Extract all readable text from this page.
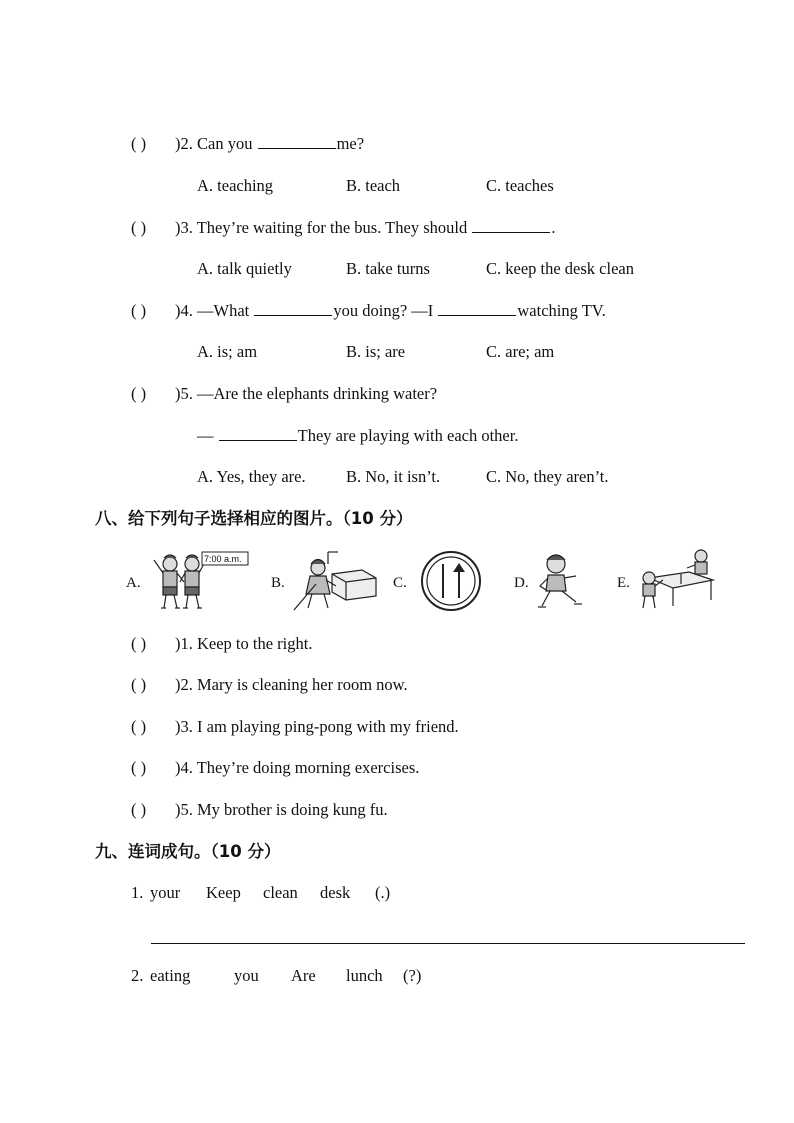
( ) )2. Can you	me?
A. teaching	B. teach	C. teaches
( ) )3. They’re waiting for the bus. They should	.
A. talk quietly	B. take turns	C. keep the desk clean
( ) )4. —What	you doing? —I	watching TV.
A. is; am	B. is; are	C. are; am
( ) )5. —Are the elephants drinking water?
—	They are playing with each other.
A. Yes, they are. B. No, it isn’t.	C. No, they aren’t.
八、给下列句子选择相应的图片。（10 分）
A.
7:00 a.m.
B.	C.	D.	E.
( ) )1. Keep to the right.
( ) )2. Mary is cleaning her room now.
( ) )3. I am playing ping-pong with my friend.
( ) )4. They’re doing morning exercises.
( ) )5. My brother is doing kung fu.
九、连词成句。（10 分）
1. your Keep clean desk (.)
2. eating	you Are lunch (?)
